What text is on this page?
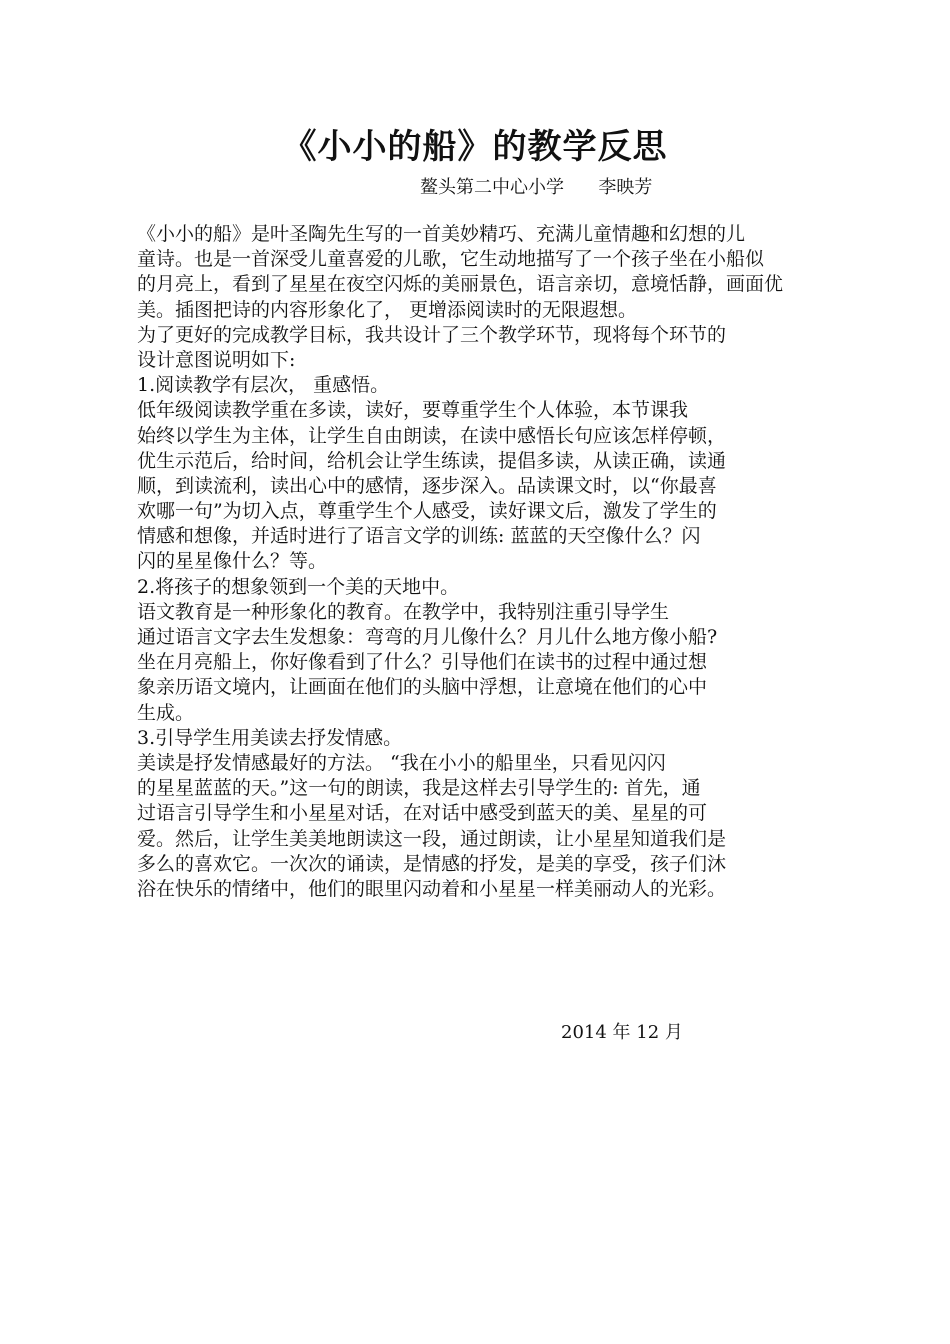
《小小的船》的教学反思
鳌头第二中心小学      李映芳
《小小的船》是叶圣陶先生写的一首美妙精巧、充满儿童情趣和幻想的儿
童诗。也是一首深受儿童喜爱的儿歌，它生动地描写了一个孩子坐在小船似
的月亮上，看到了星星在夜空闪烁的美丽景色，语言亲切，意境恬静，画面优
美。插图把诗的内容形象化了， 更增添阅读时的无限遐想。
为了更好的完成教学目标，我共设计了三个教学环节，现将每个环节的
设计意图说明如下:
1.阅读教学有层次， 重感悟。
低年级阅读教学重在多读，读好，要尊重学生个人体验，本节课我
始终以学生为主体，让学生自由朗读，在读中感悟长句应该怎样停顿，
优生示范后，给时间，给机会让学生练读，提倡多读，从读正确，读通
顺，到读流利，读出心中的感情，逐步深入。品读课文时，以“你最喜
欢哪一句”为切入点，尊重学生个人感受，读好课文后，激发了学生的
情感和想像，并适时进行了语言文学的训练: 蓝蓝的天空像什么？闪
闪的星星像什么？等。
2.将孩子的想象领到一个美的天地中。
语文教育是一种形象化的教育。在教学中，我特别注重引导学生
通过语言文字去生发想象：弯弯的月儿像什么？月儿什么地方像小船?
坐在月亮船上，你好像看到了什么？引导他们在读书的过程中通过想
象亲历语文境内，让画面在他们的头脑中浮想，让意境在他们的心中
生成。
3.引导学生用美读去抒发情感。
美读是抒发情感最好的方法。 “我在小小的船里坐，只看见闪闪
的星星蓝蓝的天。”这一句的朗读，我是这样去引导学生的: 首先，通
过语言引导学生和小星星对话，在对话中感受到蓝天的美、星星的可
爱。然后，让学生美美地朗读这一段，通过朗读，让小星星知道我们是
多么的喜欢它。一次次的诵读，是情感的抒发，是美的享受，孩子们沐
浴在快乐的情绪中，他们的眼里闪动着和小星星一样美丽动人的光彩。
2014 年 12 月
